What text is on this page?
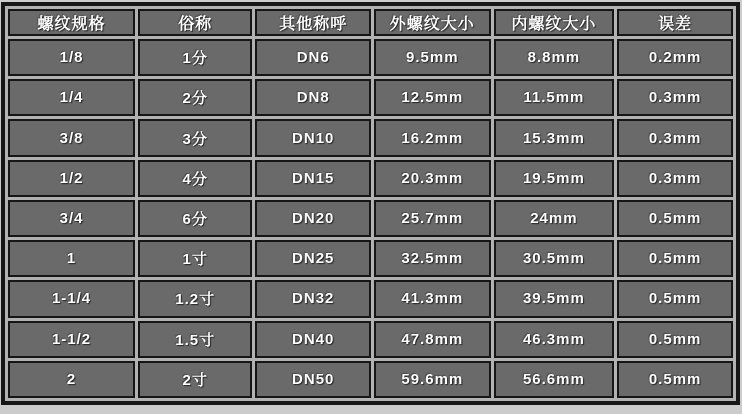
螺纹规格	俗称	其他称呼	外螺纹大小	内螺纹大小	误差
1/8	1分	DN6	9.5mm	8.8mm	0.2mm
1/4	2分	DN8	12.5mm	11.5mm	0.3mm
3/8	3分	DN10	16.2mm	15.3mm	0.3mm
1/2	4分	DN15	20.3mm	19.5mm	0.3mm
3/4	6分	DN20	25.7mm	24mm	0.5mm
1	1寸	DN25	32.5mm	30.5mm	0.5mm
1-1/4	1.2寸	DN32	41.3mm	39.5mm	0.5mm
1-1/2	1.5寸	DN40	47.8mm	46.3mm	0.5mm
2	2寸	DN50	59.6mm	56.6mm	0.5mm
